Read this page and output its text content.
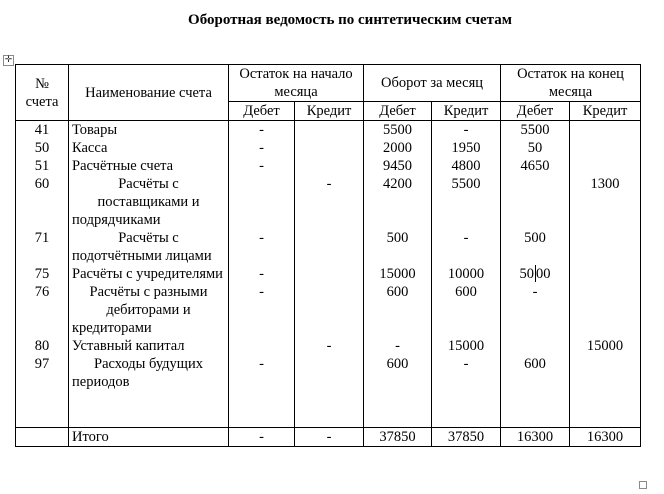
Оборотная ведомость по синтетическим счетам
✛
№ счета	Наименование счета	Остаток на начало месяца		Оборот за месяц		Остаток на конец месяца	
		Дебет	Кредит	Дебет	Кредит	Дебет	Кредит
41	Товары	-		5500	-	5500	
50	Касса	-		2000	1950	50	
51	Расчётные счета	-		9450	4800	4650	
60	Расчёты с поставщиками и подрядчиками		-	4200	5500		1300
71	Расчёты с подотчётными лицами	-		500	-	500	
75	Расчёты с учредителями	-		15000	10000	50 00	
76	Расчёты с разными дебиторами и кредиторами	-		600	600	-	
80	Уставный капитал		-	-	15000		15000
97	Расходы будущих периодов	-		600	-	600	

	Итого	-	-	37850	37850	16300	16300
